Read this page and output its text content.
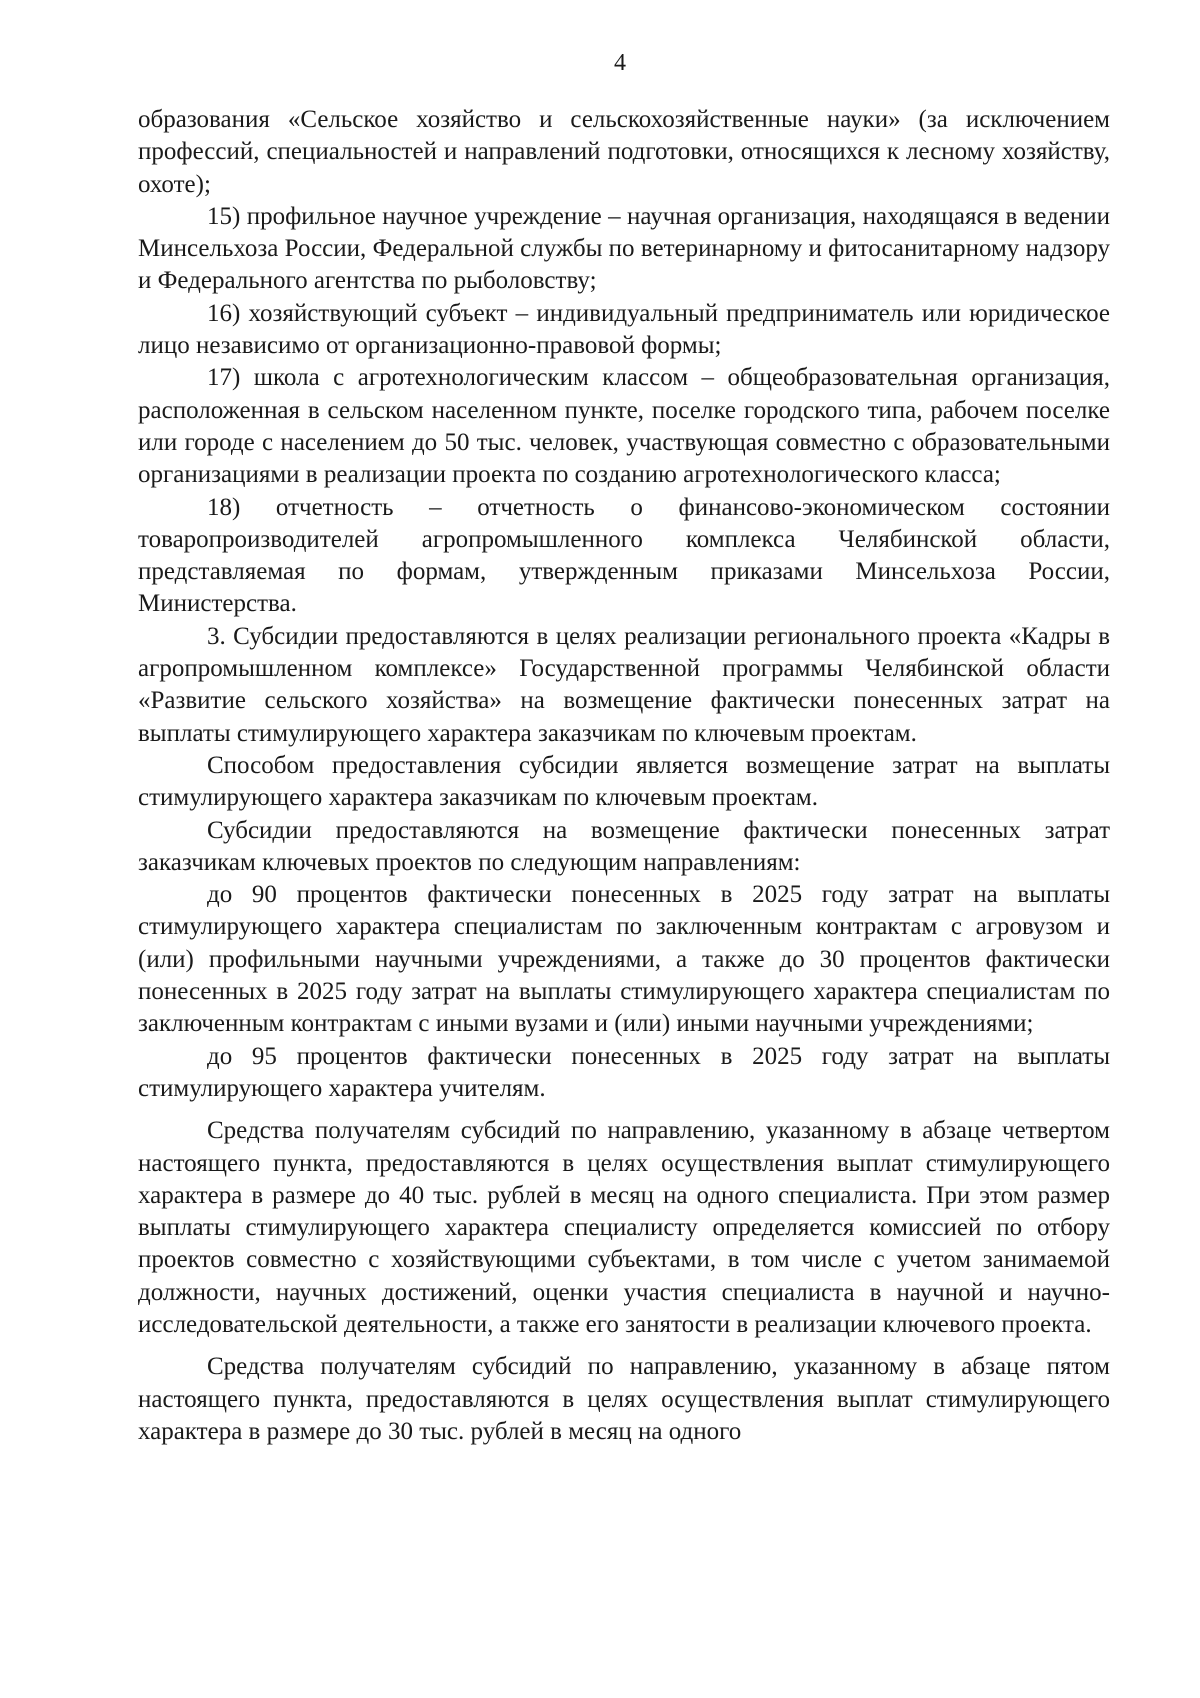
4

образования «Сельское хозяйство и сельскохозяйственные науки» (за исключением профессий, специальностей и направлений подготовки, относящихся к лесному хозяйству, охоте);

15) профильное научное учреждение – научная организация, находящаяся в ведении Минсельхоза России, Федеральной службы по ветеринарному и фитосанитарному надзору и Федерального агентства по рыболовству;

16) хозяйствующий субъект – индивидуальный предприниматель или юридическое лицо независимо от организационно-правовой формы;

17) школа с агротехнологическим классом – общеобразовательная организация, расположенная в сельском населенном пункте, поселке городского типа, рабочем поселке или городе с населением до 50 тыс. человек, участвующая совместно с образовательными организациями в реализации проекта по созданию агротехнологического класса;

18) отчетность – отчетность о финансово-экономическом состоянии товаропроизводителей агропромышленного комплекса Челябинской области, представляемая по формам, утвержденным приказами Минсельхоза России, Министерства.

3. Субсидии предоставляются в целях реализации регионального проекта «Кадры в агропромышленном комплексе» Государственной программы Челябинской области «Развитие сельского хозяйства» на возмещение фактически понесенных затрат на выплаты стимулирующего характера заказчикам по ключевым проектам.

Способом предоставления субсидии является возмещение затрат на выплаты стимулирующего характера заказчикам по ключевым проектам.

Субсидии предоставляются на возмещение фактически понесенных затрат заказчикам ключевых проектов по следующим направлениям:

до 90 процентов фактически понесенных в 2025 году затрат на выплаты стимулирующего характера специалистам по заключенным контрактам с агровузом и (или) профильными научными учреждениями, а также до 30 процентов фактически понесенных в 2025 году затрат на выплаты стимулирующего характера специалистам по заключенным контрактам с иными вузами и (или) иными научными учреждениями;

до 95 процентов фактически понесенных в 2025 году затрат на выплаты стимулирующего характера учителям.

Средства получателям субсидий по направлению, указанному в абзаце четвертом настоящего пункта, предоставляются в целях осуществления выплат стимулирующего характера в размере до 40 тыс. рублей в месяц на одного специалиста. При этом размер выплаты стимулирующего характера специалисту определяется комиссией по отбору проектов совместно с хозяйствующими субъектами, в том числе с учетом занимаемой должности, научных достижений, оценки участия специалиста в научной и научно-исследовательской деятельности, а также его занятости в реализации ключевого проекта.

Средства получателям субсидий по направлению, указанному в абзаце пятом настоящего пункта, предоставляются в целях осуществления выплат стимулирующего характера в размере до 30 тыс. рублей в месяц на одного
